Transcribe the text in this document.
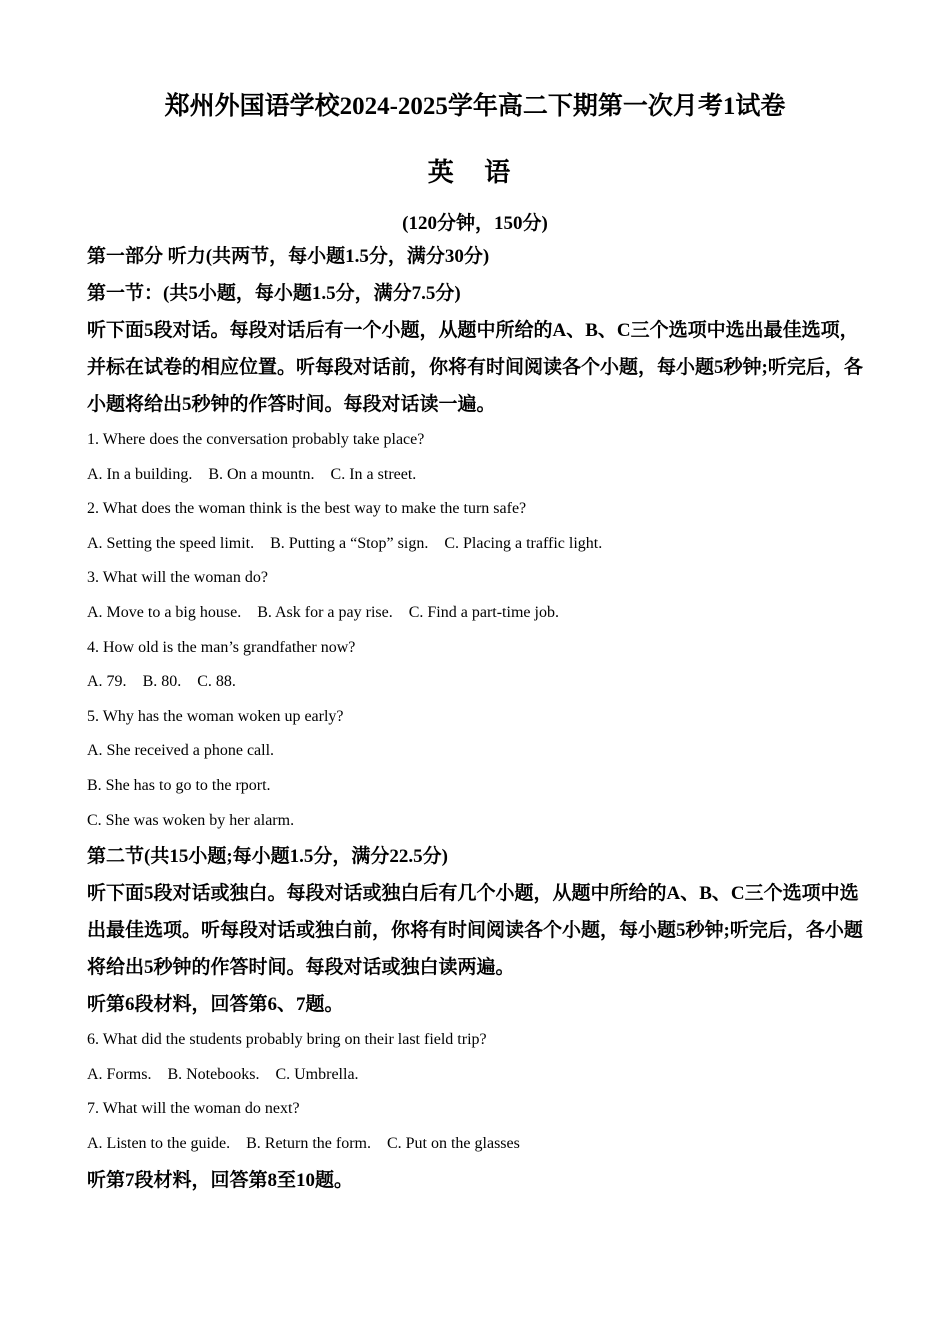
郑州外国语学校2024-2025学年高二下期第一次月考1试卷
英 语
(120分钟，150分)
第一部分 听力(共两节，每小题1.5分，满分30分)
第一节：(共5小题，每小题1.5分，满分7.5分)
听下面5段对话。每段对话后有一个小题，从题中所给的A、B、C三个选项中选出最佳选项，并标在试卷的相应位置。听每段对话前，你将有时间阅读各个小题，每小题5秒钟;听完后，各小题将给出5秒钟的作答时间。每段对话读一遍。
1. Where does the conversation probably take place?
A. In a building. B. On a mountn. C. In a street.
2. What does the woman think is the best way to make the turn safe?
A. Setting the speed limit. B. Putting a “Stop” sign. C. Placing a traffic light.
3. What will the woman do?
A. Move to a big house. B. Ask for a pay rise. C. Find a part-time job.
4. How old is the man’s grandfather now?
A. 79. B. 80. C. 88.
5. Why has the woman woken up early?
A. She received a phone call.
B. She has to go to the rport.
C. She was woken by her alarm.
第二节(共15小题;每小题1.5分，满分22.5分)
听下面5段对话或独白。每段对话或独白后有几个小题，从题中所给的A、B、C三个选项中选出最佳选项。听每段对话或独白前，你将有时间阅读各个小题，每小题5秒钟;听完后，各小题将给出5秒钟的作答时间。每段对话或独白读两遍。
听第6段材料，回答第6、7题。
6. What did the students probably bring on their last field trip?
A. Forms. B. Notebooks. C. Umbrella.
7. What will the woman do next?
A. Listen to the guide. B. Return the form. C. Put on the glasses
听第7段材料，回答第8至10题。
